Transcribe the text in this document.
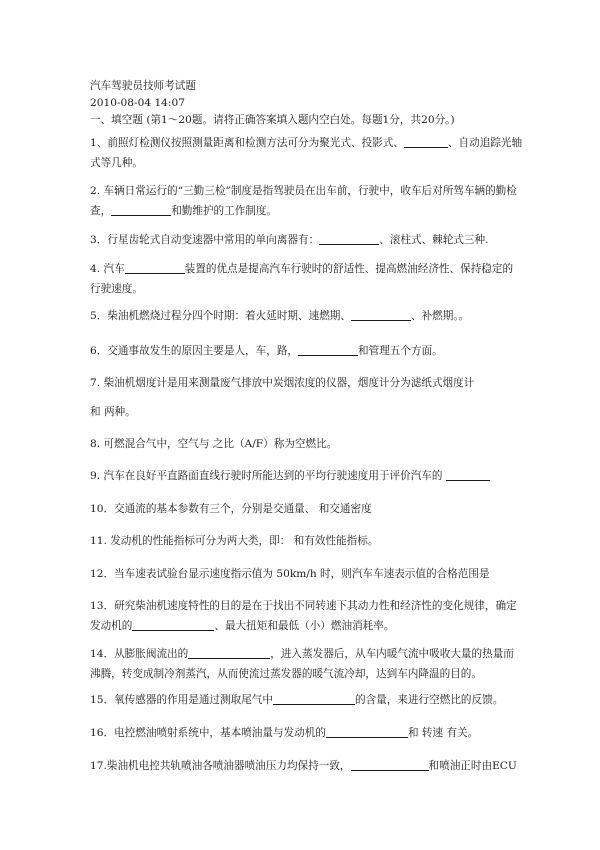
汽车驾驶员技师考试题
2010-08-04 14:07
一、填空题 (第1～20题。请将正确答案填入题内空白处。每题1分，共20分。)
1、前照灯检测仪按照测量距离和检测方法可分为聚光式、投影式、	、自动追踪光轴
式等几种。
2. 车辆日常运行的“三勤三检”制度是指驾驶员在出车前，行驶中，收车后对所驾车辆的勤检
查，	和勤维护的工作制度。
3．行星齿轮式自动变速器中常用的单向离器有：	、滚柱式、棘轮式三种.
4. 汽车	装置的优点是提高汽车行驶时的舒适性、提高燃油经济性、保持稳定的
行驶速度。
5．柴油机燃烧过程分四个时期：着火延时期、速燃期、	、补燃期。。
6．交通事故发生的原因主要是人，车，路，	和管理五个方面。
7. 柴油机烟度计是用来测量废气排放中炭烟浓度的仪器，烟度计分为滤纸式烟度计
和 两种。
8. 可燃混合气中，空气与 之比（A/F）称为空燃比。
9. 汽车在良好平直路面直线行驶时所能达到的平均行驶速度用于评价汽车的
10．交通流的基本参数有三个，分别是交通量、 和交通密度
11. 发动机的性能指标可分为两大类，即： 和有效性能指标。
12．当车速表试验台显示速度指示值为 50km/h 时，则汽车车速表示值的合格范围是
13．研究柴油机速度特性的目的是在于找出不同转速下其动力性和经济性的变化规律，确定
发动机的	、最大扭矩和最低（小）燃油消耗率。
14．从膨胀阀流出的	，进入蒸发器后，从车内暖气流中吸收大量的热量而
沸腾，转变成制冷剂蒸汽，从而使流过蒸发器的暖气流冷却，达到车内降温的目的。
15．氧传感器的作用是通过测取尾气中	的含量，来进行空燃比的反馈。
16．电控燃油喷射系统中，基本喷油量与发动机的	和 转速 有关。
17.柴油机电控共轨喷油各喷油器喷油压力均保持一致，	和喷油正时由ECU
